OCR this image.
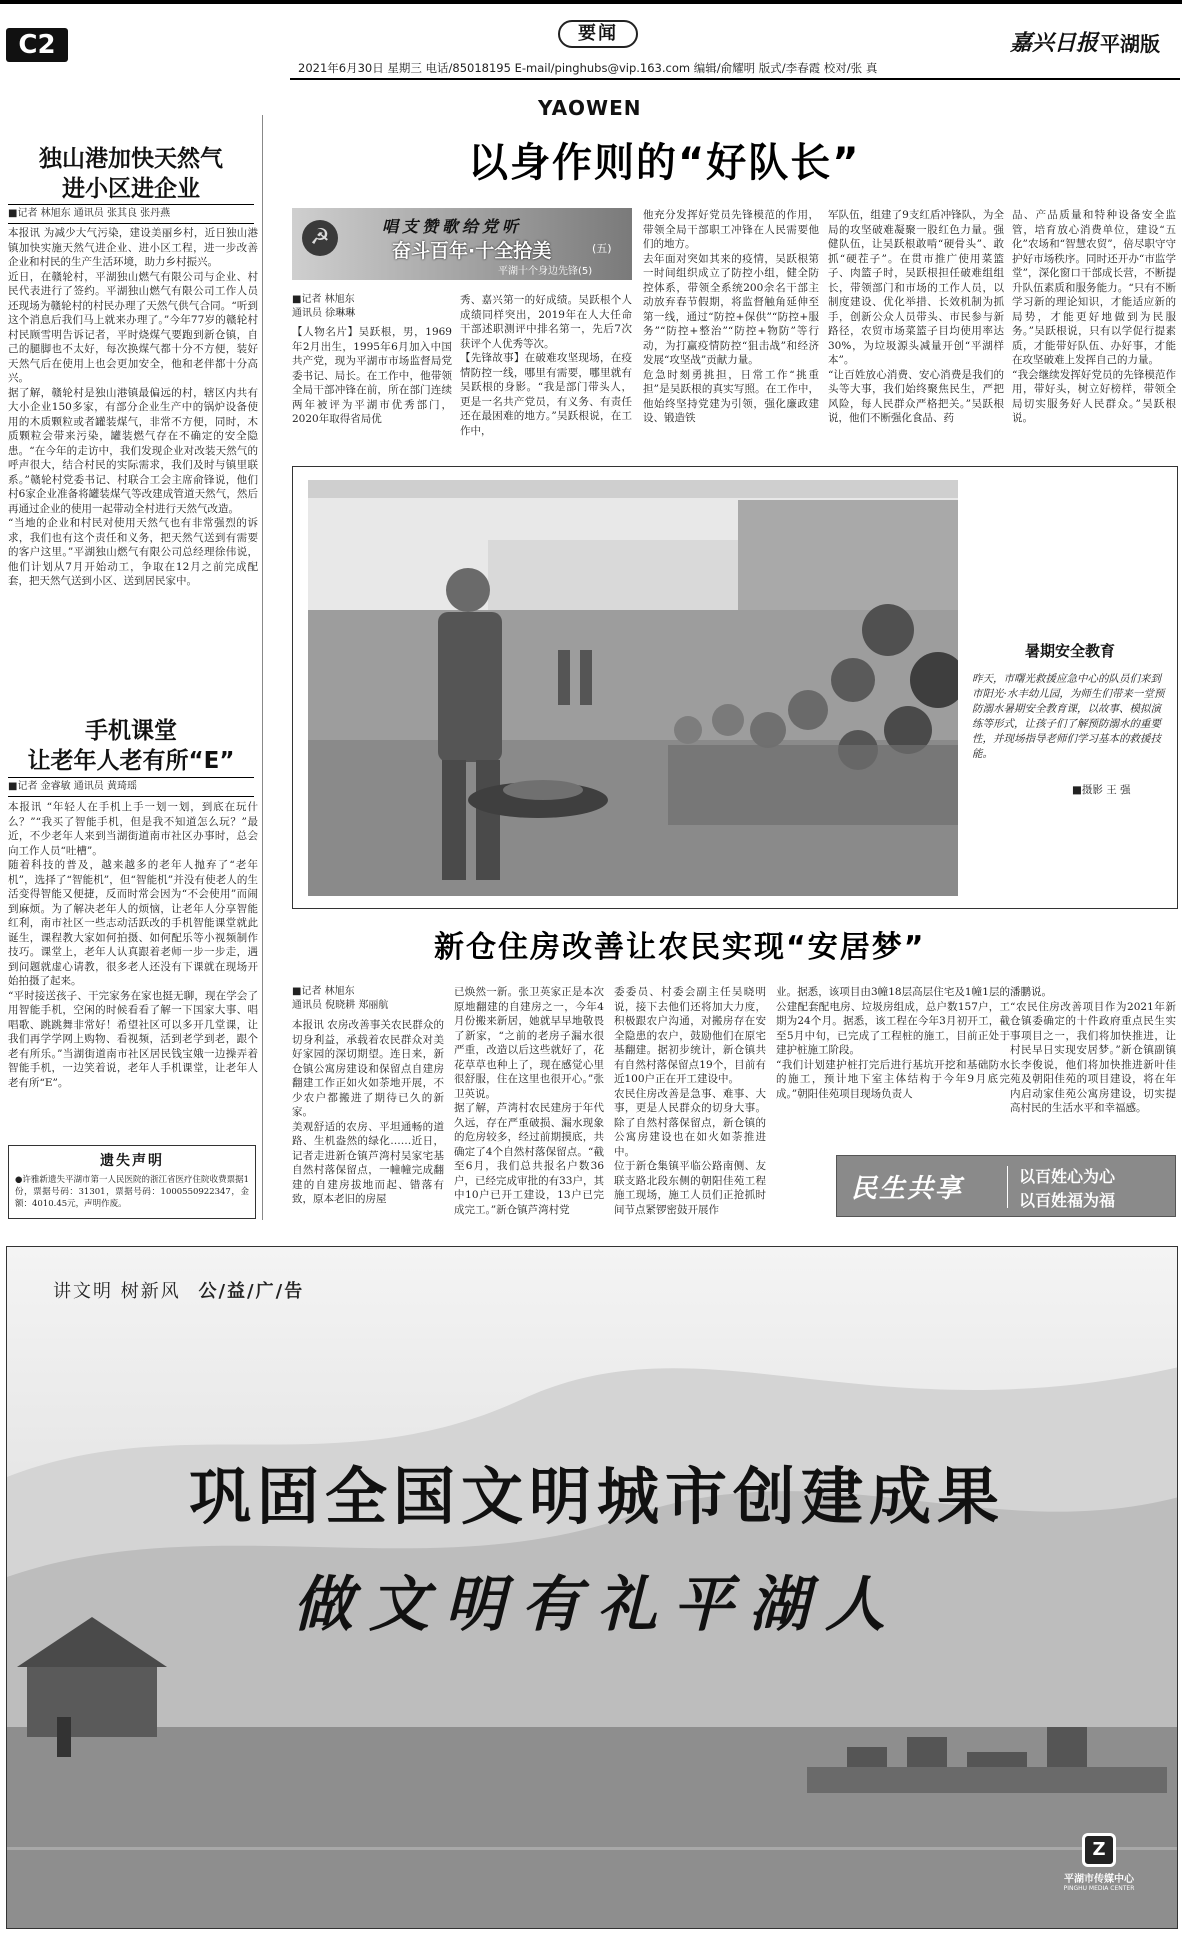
C2	要闻
2021年6月30日 星期三 电话/85018195 E-mail/pinghubs@vip.163.com 编辑/俞耀明 版式/李春霞 校对/张 真
嘉兴日报 平湖版
YAOWEN
独山港加快天然气
进小区进企业
■记者 林旭东 通讯员 张其良 张丹燕
本报讯 为减少大气污染，建设美丽乡村，近日独山港镇加快实施天然气进企业、进小区工程，进一步改善企业和村民的生产生活环境，助力乡村振兴。
近日，在赣轮村，平湖独山燃气有限公司与企业、村民代表进行了签约。平湖独山燃气有限公司工作人员还现场为赣轮村的村民办理了天然气供气合同。“听到这个消息后我们马上就来办理了。”今年77岁的赣轮村村民顾雪明告诉记者，平时烧煤气要跑到新仓镇，自己的腿脚也不太好，每次换煤气都十分不方便，装好天然气后在使用上也会更加安全，他和老伴都十分高兴。
据了解，赣轮村是独山港镇最偏远的村，辖区内共有大小企业150多家，有部分企业生产中的锅炉设备使用的木质颗粒或者罐装煤气，非常不方便，同时，木质颗粒会带来污染，罐装燃气存在不确定的安全隐患。“在今年的走访中，我们发现企业对改装天然气的呼声很大，结合村民的实际需求，我们及时与镇里联系。”赣轮村党委书记、村联合工会主席俞锋说，他们村6家企业准备将罐装煤气等改建成管道天然气，然后再通过企业的使用一起带动全村进行天然气改造。
“当地的企业和村民对使用天然气也有非常强烈的诉求，我们也有这个责任和义务，把天然气送到有需要的客户这里。”平湖独山燃气有限公司总经理徐伟说，他们计划从7月开始动工，争取在12月之前完成配套，把天然气送到小区、送到居民家中。
手机课堂
让老年人老有所“E”
■记者 金睿敏 通讯员 黄琦瑶
本报讯 “年轻人在手机上手一划一划，到底在玩什么？”“我买了智能手机，但是我不知道怎么玩？”最近，不少老年人来到当湖街道南市社区办事时，总会向工作人员“吐槽”。
随着科技的普及，越来越多的老年人抛弃了“老年机”，选择了“智能机”，但“智能机”并没有使老人的生活变得智能又便捷，反而时常会因为“不会使用”而闹到麻烦。为了解决老年人的烦恼，让老年人分享智能红利，南市社区一些志动活跃改的手机智能课堂就此诞生，课程教大家如何拍摄、如何配乐等小视频制作技巧。课堂上，老年人认真跟着老师一步一步走，遇到问题就虚心请教，很多老人还没有下课就在现场开始拍摄了起来。
“平时接送孩子、干完家务在家也挺无聊，现在学会了用智能手机，空闲的时候看看了解一下国家大事、唱唱歌、跳跳舞非常好！希望社区可以多开几堂课，让我们再学学网上购物、看视频，活到老学到老，跟个老有所乐。”当湖街道南市社区居民钱宝娥一边操弄着智能手机，一边笑着说，老年人手机课堂，让老年人老有所“E”。
遗失声明
●许雅新遗失平湖市第一人民医院的浙江省医疗住院收费票据1份，票据号码：31301，票据号码：1000550922347，金额：4010.45元，声明作废。
以身作则的“好队长”
☭	唱支赞歌给党听
奋斗百年·十全拾美	(五)
平湖十个身边先锋(5)
■记者 林旭东
通讯员 徐琳琳
【人物名片】吴跃根，男，1969年2月出生，1995年6月加入中国共产党，现为平湖市市场监督局党委书记、局长。在工作中，他带领全局干部冲锋在前，所在部门连续两年被评为平湖市优秀部门，2020年取得省局优
秀、嘉兴第一的好成绩。吴跃根个人成绩同样突出，2019年在人大任命干部述职测评中排名第一，先后7次获评个人优秀等次。
【先锋故事】在破难攻坚现场，在疫情防控一线，哪里有需要，哪里就有吴跃根的身影。“我是部门带头人，更是一名共产党员，有义务、有责任还在最困难的地方。”吴跃根说，在工作中，
他充分发挥好党员先锋模范的作用，带领全局干部职工冲锋在人民需要他们的地方。
去年面对突如其来的疫情，吴跃根第一时间组织成立了防控小组，健全防控体系，带领全系统200余名干部主动放弃春节假期，将监督触角延伸至第一线，通过“防控+保供”“防控+服务”“防控+整治”“防控+物防”等行动，为打赢疫情防控“狙击战”和经济发展“攻坚战”贡献力量。
危急时刻勇挑担，日常工作“挑重担”是吴跃根的真实写照。在工作中，他始终坚持党建为引领，强化廉政建设、锻造铁
军队伍，组建了9支红盾冲锋队，为全局的攻坚破难凝聚一股红色力量。强健队伍，让吴跃根敢啃“硬骨头”、敢抓“硬茬子”。在贯市推广使用菜篮子、肉篮子时，吴跃根担任破难组组长，带领部门和市场的工作人员，以制度建设、优化举措、长效机制为抓手，创新公众人员带头、市民参与新路径，农贸市场菜篮子目均使用率达30%，为垃圾源头减量开创“平湖样本”。
“让百姓放心消费、安心消费是我们的头等大事，我们始终聚焦民生，严把风险，每人民群众严格把关。”吴跃根说，他们不断强化食品、药
品、产品质量和特种设备安全监管，培育放心消费单位，建设“五化”农场和“智慧农贸”，倍尽职守守护好市场秩序。同时还开办“市监学堂”，深化窗口干部成长营，不断提升队伍素质和服务能力。“只有不断学习新的理论知识，才能适应新的局势，才能更好地做到为民服务。”吴跃根说，只有以学促行提素质，才能带好队伍、办好事，才能在攻坚破难上发挥自己的力量。
“我会继续发挥好党员的先锋模范作用，带好头，树立好榜样，带领全局切实服务好人民群众。”吴跃根说。
暑期安全教育
昨天，市曙光救援应急中心的队员们来到市阳光·水丰幼儿园，为师生们带来一堂预防溺水暑期安全教育课，以故事、模拟演练等形式，让孩子们了解预防溺水的重要性，并现场指导老师们学习基本的救援技能。
■摄影 王 强
新仓住房改善让农民实现“安居梦”
■记者 林旭东
通讯员 倪晓耕 郑丽航
本报讯 农房改善事关农民群众的切身利益，承载着农民群众对美好家园的深切期望。连日来，新仓镇公寓房建设和保留点自建房翻建工作正如火如荼地开展，不少农户都搬进了期待已久的新家。
美观舒适的农房、平坦通畅的道路、生机盎然的绿化……近日，记者走进新仓镇芦湾村吴家宅基自然村落保留点，一幢幢完成翻建的自建房拔地而起、错落有致，原本老旧的房屋
已焕然一新。张卫英家正是本次原地翻建的自建房之一，今年4月份搬来新居，她就早早地敬畏了新家，“之前的老房子漏水很严重，改造以后这些就好了，花花草草也种上了，现在感觉心里很舒服，住在这里也很开心。”张卫英说。
据了解，芦湾村农民建房于年代久远，存在严重破损、漏水现象的危房较多，经过前期摸底，共确定了4个自然村落保留点。“截至6月，我们总共报名户数36户，已经完成审批的有33户，其中10户已开工建设，13户已完成完工。”新仓镇芦湾村党
委委员、村委会副主任吴晓明说，接下去他们还将加大力度，积极跟农户沟通，对搬房存在安全隐患的农户，鼓励他们在原宅基翻建。据初步统计，新仓镇共有自然村落保留点19个，目前有近100户正在开工建设中。
农民住房改善是急事、难事、大事，更是人民群众的切身大事。除了自然村落保留点，新仓镇的公寓房建设也在如火如荼推进中。
位于新仓集镇平临公路南侧、友联支路北段东侧的朝阳佳苑工程施工现场，施工人员们正抢抓时间节点紧锣密鼓开展作
业。据悉，该项目由3幢18层高层住宅及1幢1层的公建配套配电房、垃圾房组成，总户数157户，工期为24个月。据悉，该工程在今年3月初开工，截至5月中旬，已完成了工程桩的施工，目前正处于建护桩施工阶段。
“我们计划建护桩打完后进行基坑开挖和基础防水的施工，预计地下室主体结构于今年9月底完成。”朝阳佳苑项目现场负责人
潘鹏说。
“农民住房改善项目作为2021年新仓镇委确定的十件政府重点民生实事项目之一，我们将加快推进，让村民早日实现安居梦。”新仓镇副镇长李俊说，他们将加快推进新叶佳苑及朝阳佳苑的项目建设，将在年内启动家佳苑公寓房建设，切实提高村民的生活水平和幸福感。
民生共享	以百姓心为心
以百姓福为福
讲文明 树新风 公/益/广/告
巩固全国文明城市创建成果
做文明有礼平湖人
Z
平湖市传媒中心
PINGHU MEDIA CENTER
